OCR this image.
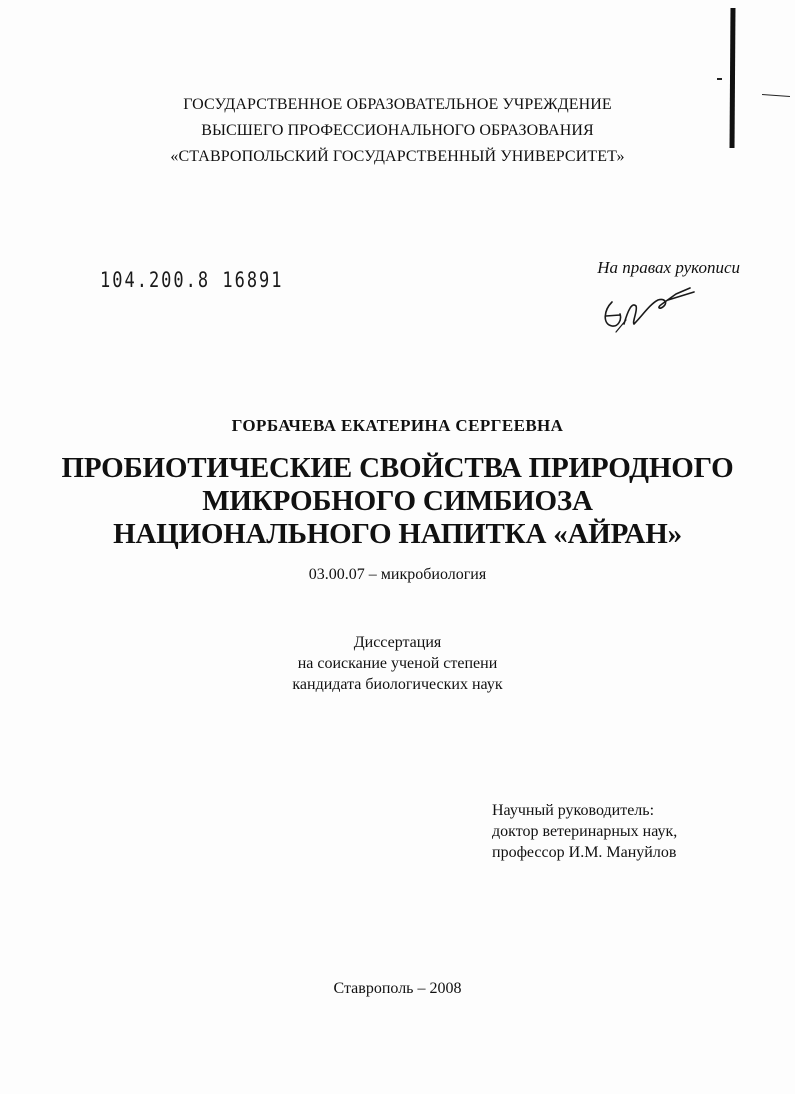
ГОСУДАРСТВЕННОЕ ОБРАЗОВАТЕЛЬНОЕ УЧРЕЖДЕНИЕ
ВЫСШЕГО ПРОФЕССИОНАЛЬНОГО ОБРАЗОВАНИЯ
«СТАВРОПОЛЬСКИЙ ГОСУДАРСТВЕННЫЙ УНИВЕРСИТЕТ»
104.200.8 16891
На правах рукописи
ГОРБАЧЕВА ЕКАТЕРИНА СЕРГЕЕВНА
ПРОБИОТИЧЕСКИЕ СВОЙСТВА ПРИРОДНОГО
МИКРОБНОГО СИМБИОЗА
НАЦИОНАЛЬНОГО НАПИТКА «АЙРАН»
03.00.07 – микробиология
Диссертация
на соискание ученой степени
кандидата биологических наук
Научный руководитель:
доктор ветеринарных наук,
профессор И.М. Мануйлов
Ставрополь – 2008
